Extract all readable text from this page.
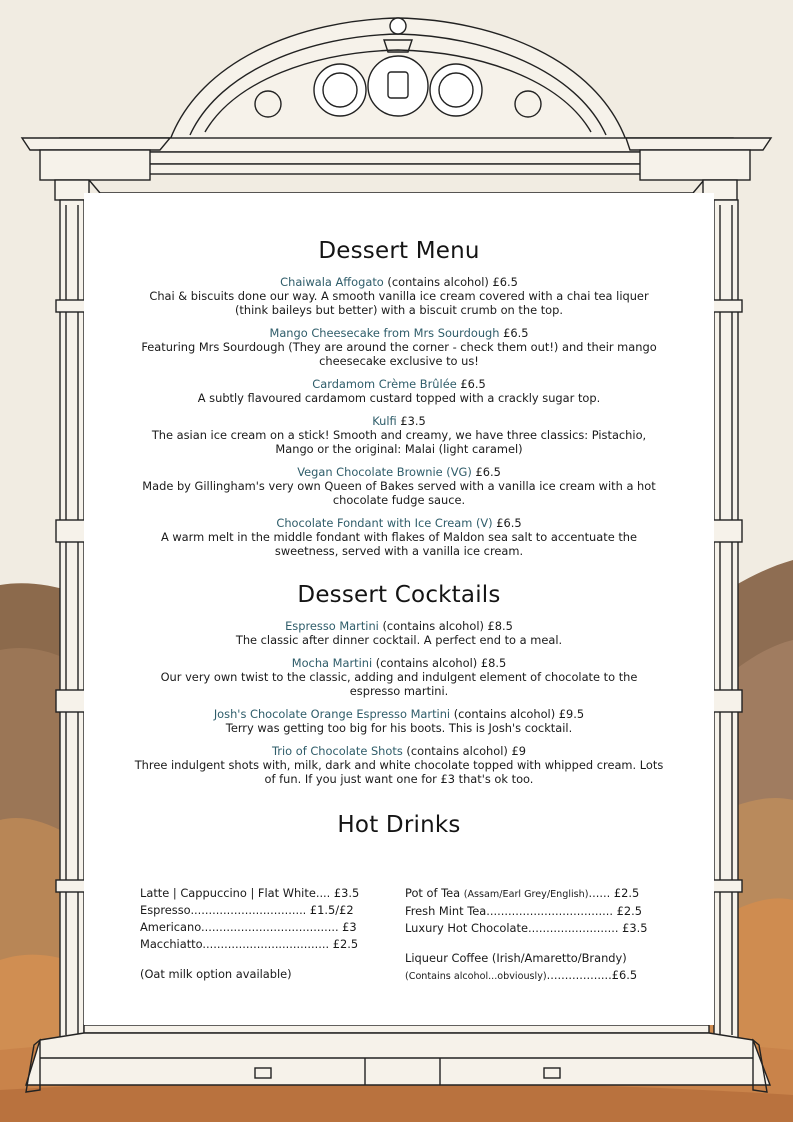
Dessert Menu
Chaiwala Affogato (contains alcohol) £6.5
Chai & biscuits done our way. A smooth vanilla ice cream covered with a chai tea liquer (think baileys but better) with a biscuit crumb on the top.
Mango Cheesecake from Mrs Sourdough £6.5
Featuring Mrs Sourdough (They are around the corner - check them out!) and their mango cheesecake exclusive to us!
Cardamom Crème Brûlée £6.5
A subtly flavoured cardamom custard topped with a crackly sugar top.
Kulfi £3.5
The asian ice cream on a stick! Smooth and creamy, we have three classics: Pistachio, Mango or the original: Malai (light caramel)
Vegan Chocolate Brownie (VG) £6.5
Made by Gillingham's very own Queen of Bakes served with a vanilla ice cream with a hot chocolate fudge sauce.
Chocolate Fondant with Ice Cream (V) £6.5
A warm melt in the middle fondant with flakes of Maldon sea salt to accentuate the sweetness, served with a vanilla ice cream.
Dessert Cocktails
Espresso Martini (contains alcohol) £8.5
The classic after dinner cocktail. A perfect end to a meal.
Mocha Martini (contains alcohol) £8.5
Our very own twist to the classic, adding and indulgent element of chocolate to the espresso martini.
Josh's Chocolate Orange Espresso Martini (contains alcohol) £9.5
Terry was getting too big for his boots. This is Josh's cocktail.
Trio of Chocolate Shots (contains alcohol) £9
Three indulgent shots with, milk, dark and white chocolate topped with whipped cream. Lots of fun. If you just want one for £3 that's ok too.
Hot Drinks
Latte | Cappuccino | Flat White.... £3.5
Espresso................................ £1.5/£2
Americano...................................... £3
Macchiatto................................... £2.5
(Oat milk option available)
Pot of Tea (Assam/Earl Grey/English)...... £2.5
Fresh Mint Tea................................... £2.5
Luxury Hot Chocolate......................... £3.5
Liqueur Coffee (Irish/Amaretto/Brandy)
(Contains alcohol...obviously)..................£6.5
